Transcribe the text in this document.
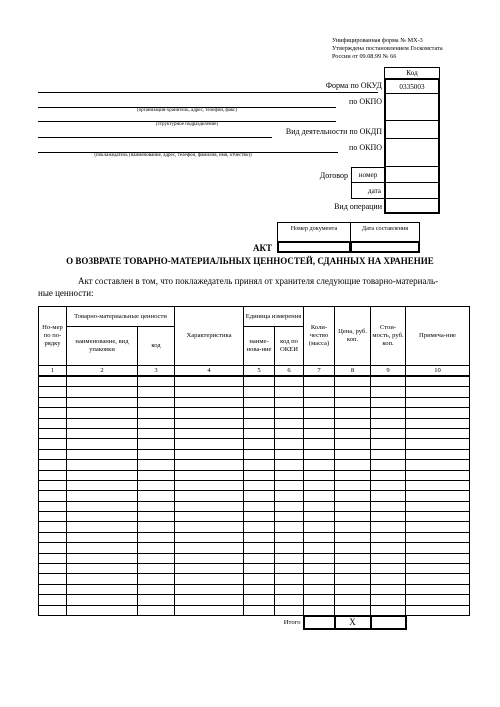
Унифицированная форма № МХ-3
Утверждена постановлением Госкомстата
России от 09.08.99 № 66
Код
0335003
Форма по ОКУД
по ОКПО
Вид деятельности по ОКДП
по ОКПО
Договор	номер
дата
Вид операции
(организация-хранитель, адрес, телефон, факс)
(структурное подразделение)
(поклажедатель (наименование, адрес, телефон, фамилия, имя, отчество))
Номер документа	Дата составления
АКТ
О ВОЗВРАТЕ ТОВАРНО-МАТЕРИАЛЬНЫХ ЦЕННОСТЕЙ, СДАННЫХ НА ХРАНЕНИЕ
Акт составлен в том, что поклажедатель принял от хранителя следующие товарно-материаль-
ные ценности:
Но-мер по по-рядку	Товарно-материальные ценности		Характеристика	Единица измерения		Коли-чество (масса)	Цена, руб. коп.	Стои-мость, руб. коп.	Примеча-ние
	наименование, вид упаковки	код		наиме-нова-ние	код по ОКЕИ				
1	2	3	4	5	6	7	8	9	10

					Итого		X		
